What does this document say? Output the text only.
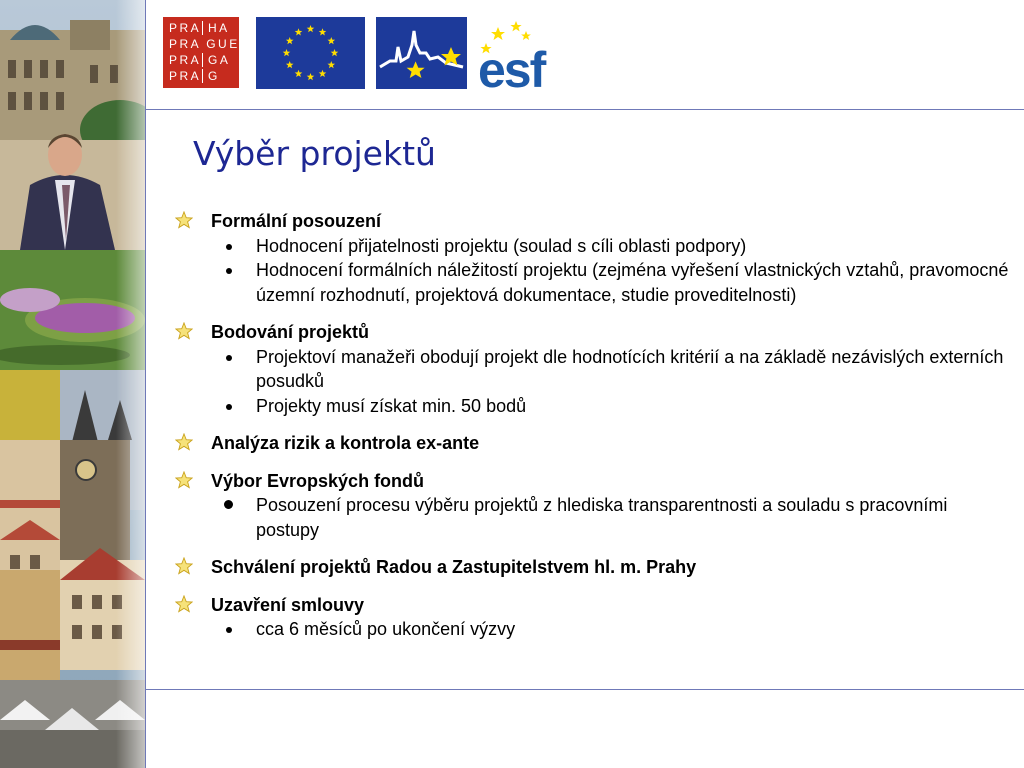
PRA HA
PRA GUE
PRA GA
PRA G	esf
Výběr projektů
Formální posouzení
Hodnocení přijatelnosti projektu (soulad s cíli oblasti podpory)
Hodnocení formálních náležitostí projektu (zejména vyřešení vlastnických vztahů, pravomocné územní rozhodnutí, projektová dokumentace, studie proveditelnosti)
Bodování projektů
Projektoví manažeři obodují projekt dle hodnotících kritérií a na základě nezávislých externích posudků
Projekty musí získat min. 50 bodů
Analýza rizik a kontrola ex-ante
Výbor Evropských fondů
Posouzení procesu výběru projektů z hlediska transparentnosti a souladu s pracovními postupy
Schválení projektů Radou a Zastupitelstvem hl. m. Prahy
Uzavření smlouvy
cca 6 měsíců po ukončení výzvy
